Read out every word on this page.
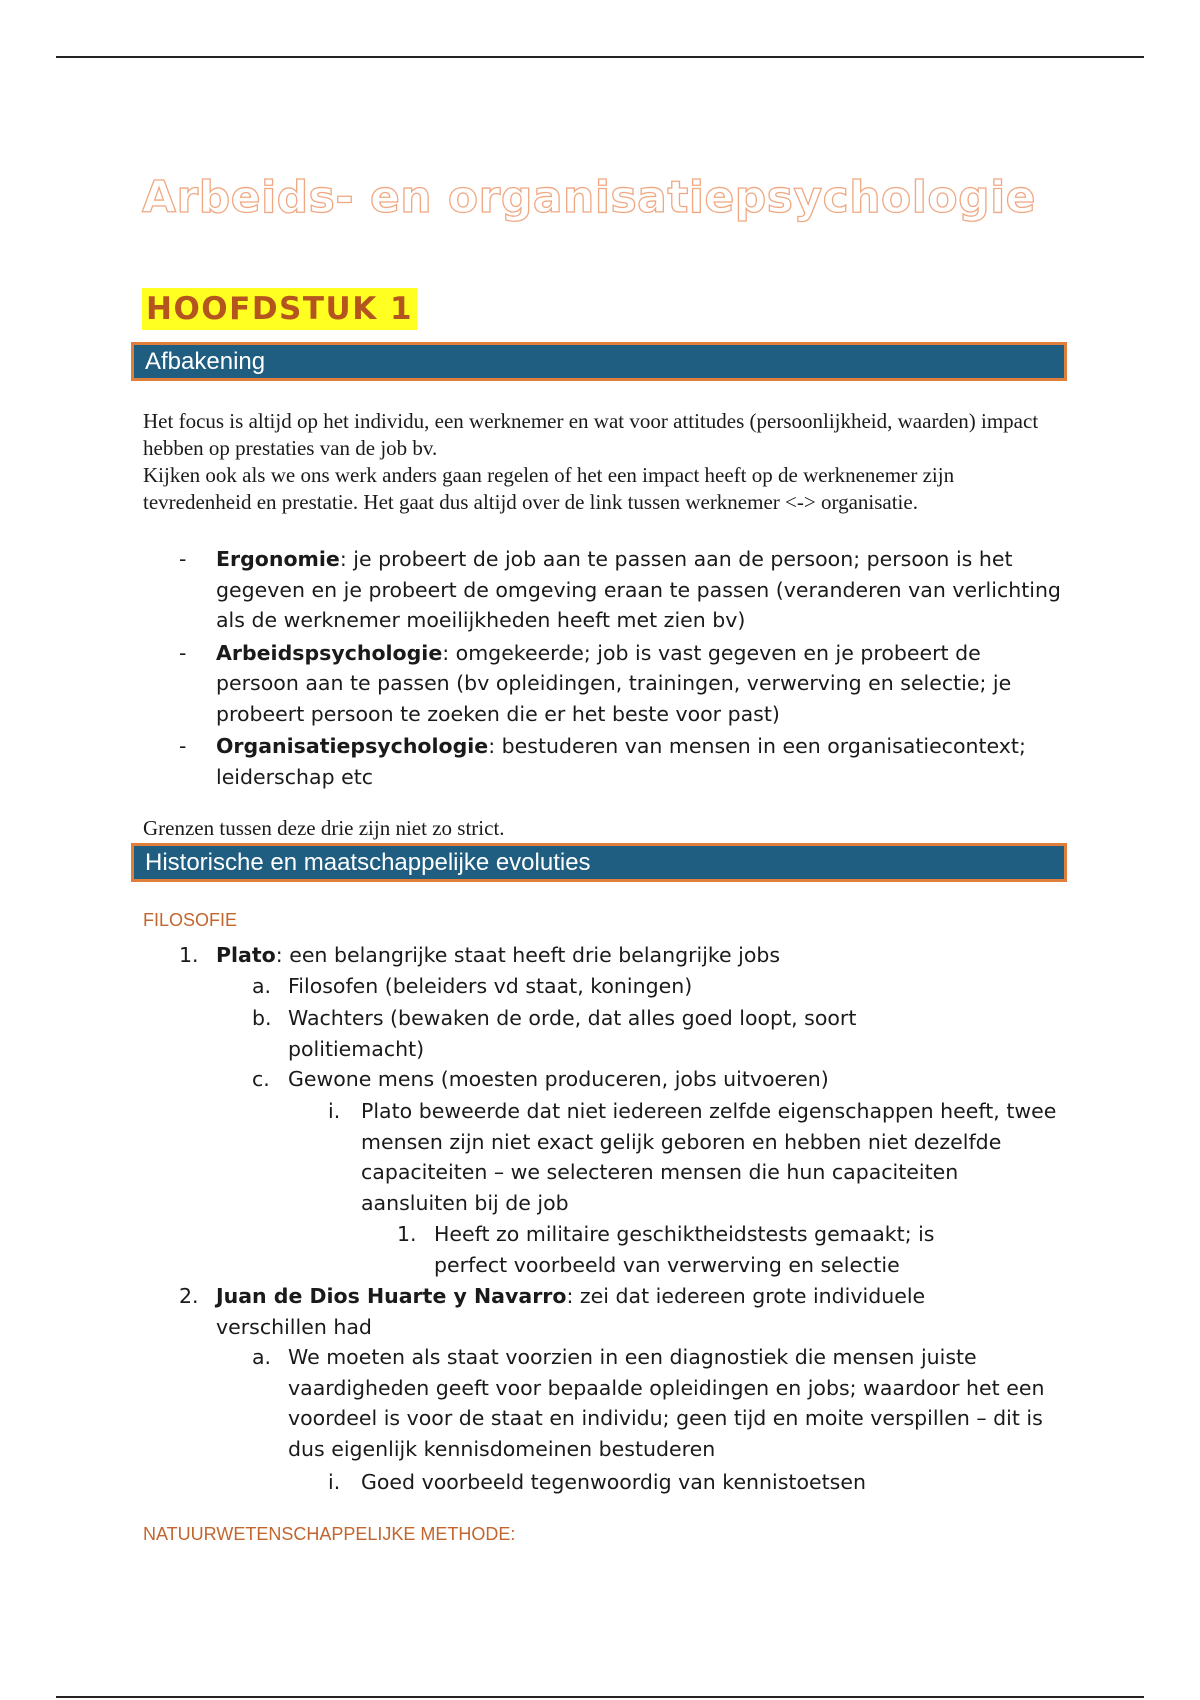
Arbeids- en organisatiepsychologie
HOOFDSTUK 1
Afbakening
Het focus is altijd op het individu, een werknemer en wat voor attitudes (persoonlijkheid, waarden) impact hebben op prestaties van de job bv.
Kijken ook als we ons werk anders gaan regelen of het een impact heeft op de werknenemer zijn tevredenheid en prestatie. Het gaat dus altijd over de link tussen werknemer <-> organisatie.
- Ergonomie: je probeert de job aan te passen aan de persoon; persoon is het gegeven en je probeert de omgeving eraan te passen (veranderen van verlichting als de werknemer moeilijkheden heeft met zien bv)
- Arbeidspsychologie: omgekeerde; job is vast gegeven en je probeert de persoon aan te passen (bv opleidingen, trainingen, verwerving en selectie; je probeert persoon te zoeken die er het beste voor past)
- Organisatiepsychologie: bestuderen van mensen in een organisatiecontext; leiderschap etc
Grenzen tussen deze drie zijn niet zo strict.
Historische en maatschappelijke evoluties
FILOSOFIE
1. Plato: een belangrijke staat heeft drie belangrijke jobs
a. Filosofen (beleiders vd staat, koningen)
b. Wachters (bewaken de orde, dat alles goed loopt, soort politiemacht)
c. Gewone mens (moesten produceren, jobs uitvoeren)
i. Plato beweerde dat niet iedereen zelfde eigenschappen heeft, twee mensen zijn niet exact gelijk geboren en hebben niet dezelfde capaciteiten – we selecteren mensen die hun capaciteiten aansluiten bij de job
1. Heeft zo militaire geschiktheidstests gemaakt; is perfect voorbeeld van verwerving en selectie
2. Juan de Dios Huarte y Navarro: zei dat iedereen grote individuele verschillen had
a. We moeten als staat voorzien in een diagnostiek die mensen juiste vaardigheden geeft voor bepaalde opleidingen en jobs; waardoor het een voordeel is voor de staat en individu; geen tijd en moite verspillen – dit is dus eigenlijk kennisdomeinen bestuderen
i. Goed voorbeeld tegenwoordig van kennistoetsen
NATUURWETENSCHAPPELIJKE METHODE:
